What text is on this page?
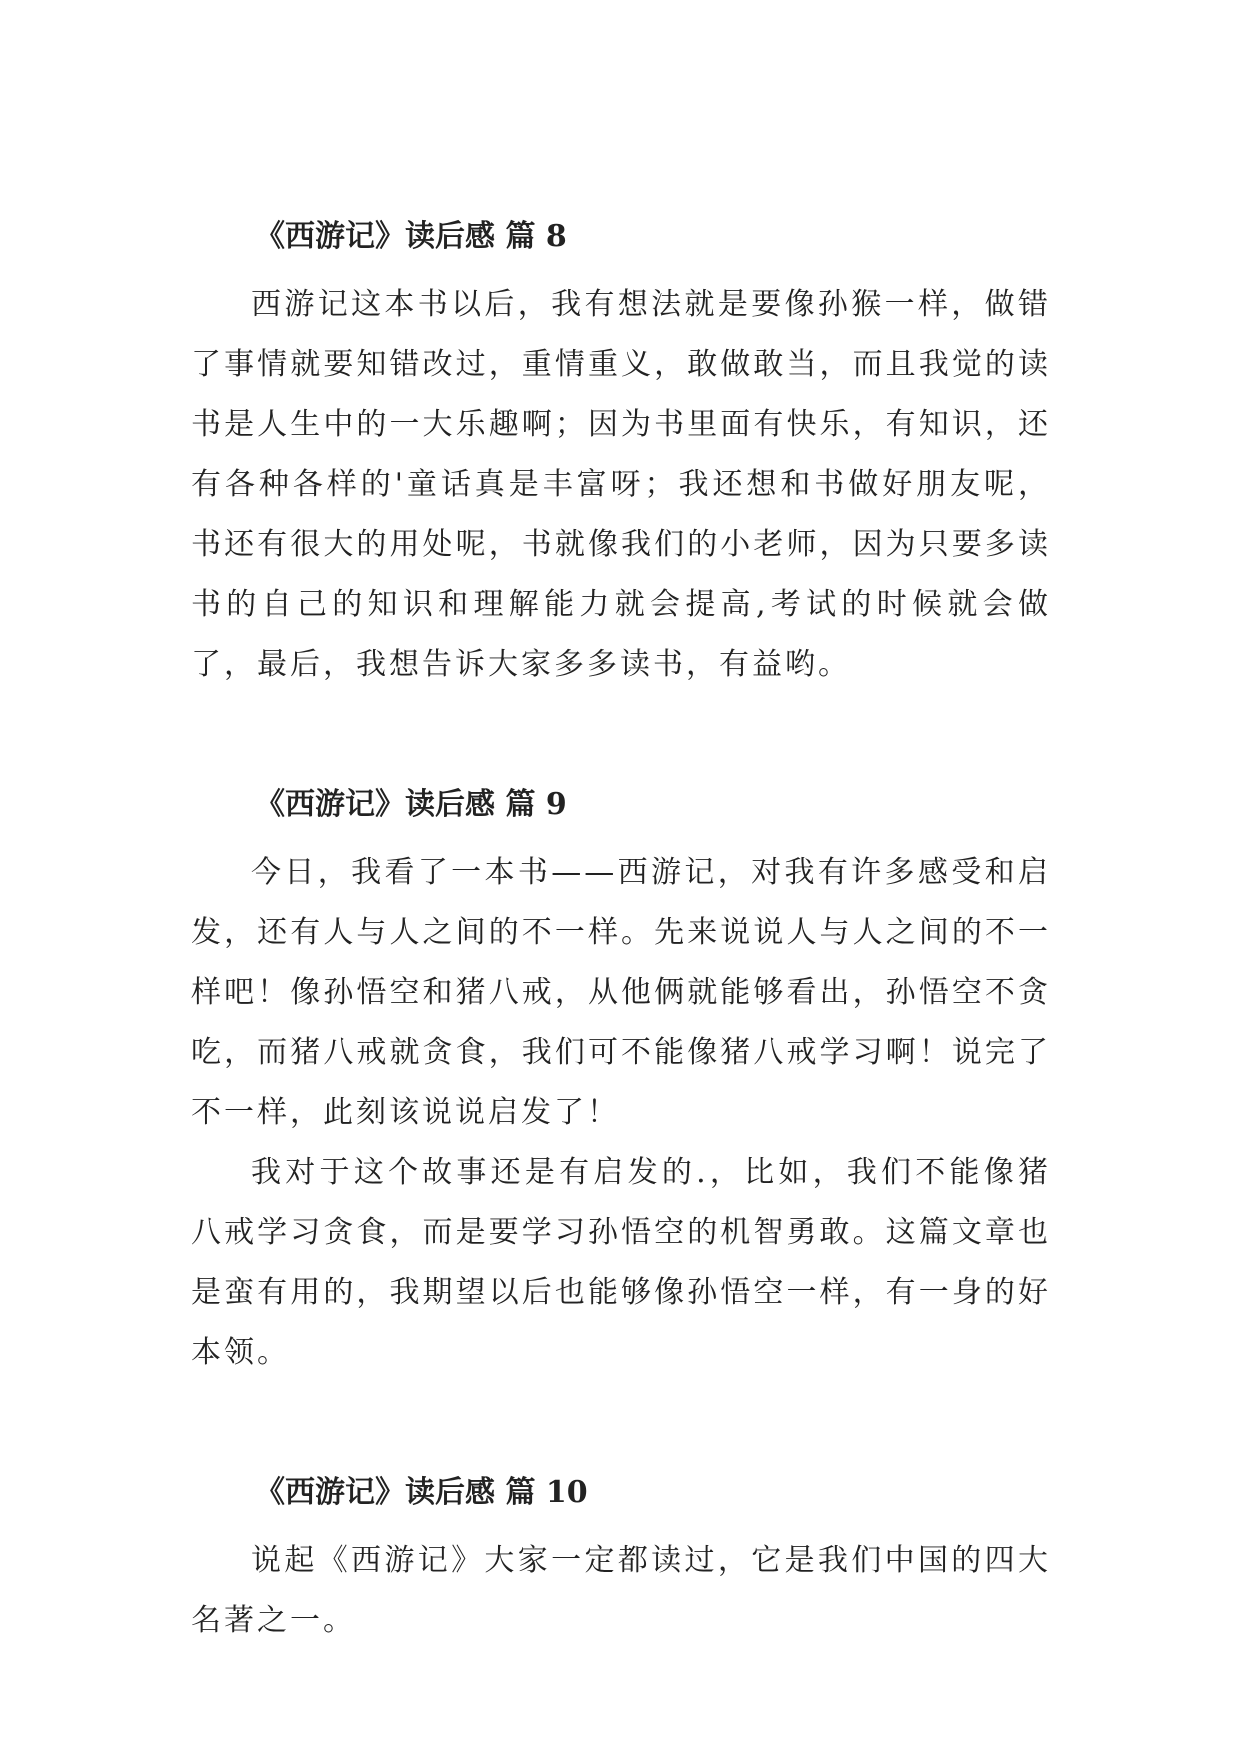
《西游记》读后感 篇 8

西游记这本书以后，我有想法就是要像孙猴一样，做错了事情就要知错改过，重情重义，敢做敢当，而且我觉的读书是人生中的一大乐趣啊；因为书里面有快乐，有知识，还有各种各样的'童话真是丰富呀；我还想和书做好朋友呢，书还有很大的用处呢，书就像我们的小老师，因为只要多读书的自己的知识和理解能力就会提高,考试的时候就会做了，最后，我想告诉大家多多读书，有益哟。

《西游记》读后感 篇 9

今日，我看了一本书——西游记，对我有许多感受和启发，还有人与人之间的不一样。先来说说人与人之间的不一样吧！像孙悟空和猪八戒，从他俩就能够看出，孙悟空不贪吃，而猪八戒就贪食，我们可不能像猪八戒学习啊！说完了不一样，此刻该说说启发了！

我对于这个故事还是有启发的.，比如，我们不能像猪八戒学习贪食，而是要学习孙悟空的机智勇敢。这篇文章也是蛮有用的，我期望以后也能够像孙悟空一样，有一身的好本领。

《西游记》读后感 篇 10

说起《西游记》大家一定都读过，它是我们中国的四大名著之一。
